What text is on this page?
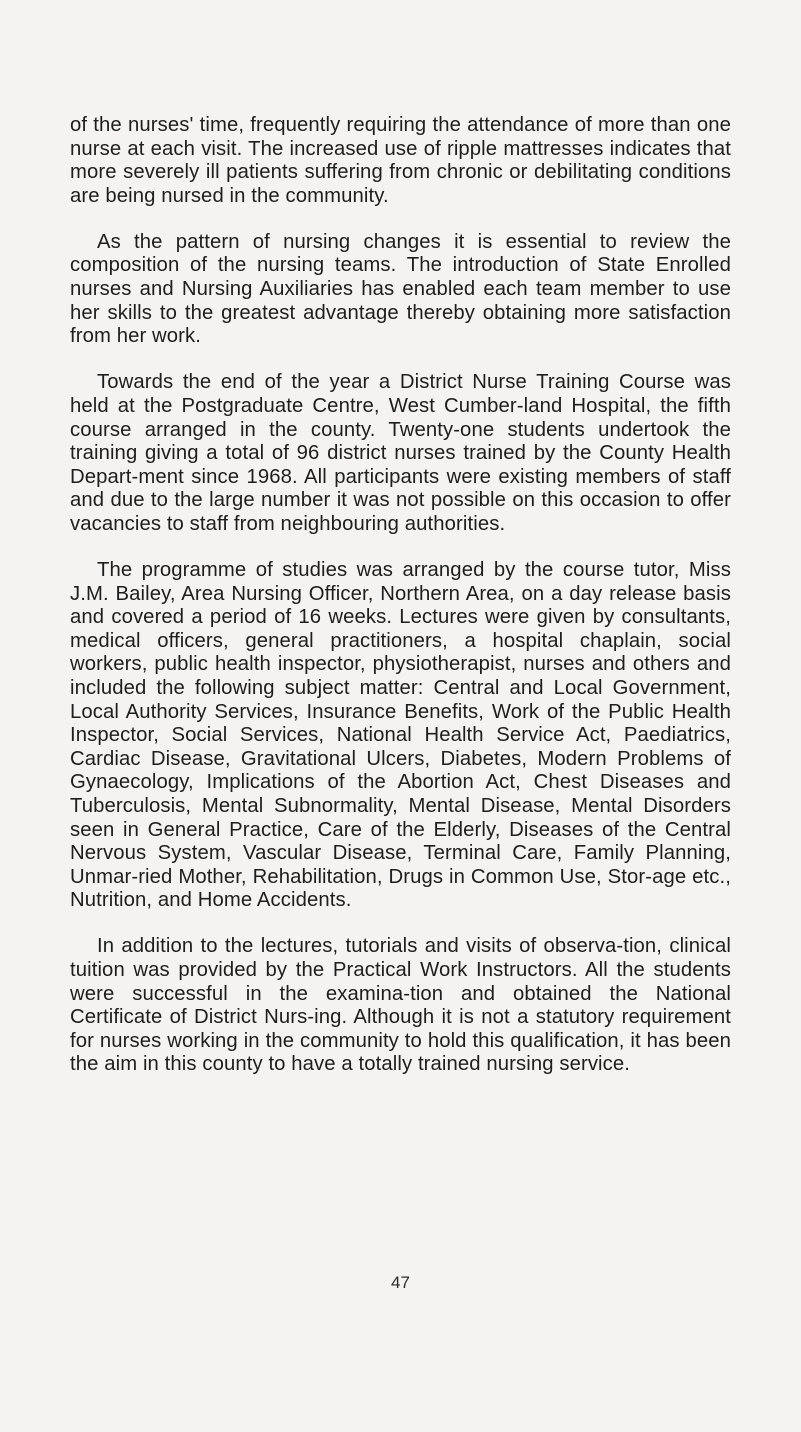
of the nurses' time, frequently requiring the attendance of more than one nurse at each visit. The increased use of ripple mattresses indicates that more severely ill patients suffering from chronic or debilitating conditions are being nursed in the community.

As the pattern of nursing changes it is essential to review the composition of the nursing teams. The introduction of State Enrolled nurses and Nursing Auxiliaries has enabled each team member to use her skills to the greatest advantage thereby obtaining more satisfaction from her work.

Towards the end of the year a District Nurse Training Course was held at the Postgraduate Centre, West Cumber-land Hospital, the fifth course arranged in the county. Twenty-one students undertook the training giving a total of 96 district nurses trained by the County Health Depart-ment since 1968. All participants were existing members of staff and due to the large number it was not possible on this occasion to offer vacancies to staff from neighbouring authorities.

The programme of studies was arranged by the course tutor, Miss J.M. Bailey, Area Nursing Officer, Northern Area, on a day release basis and covered a period of 16 weeks. Lectures were given by consultants, medical officers, general practitioners, a hospital chaplain, social workers, public health inspector, physiotherapist, nurses and others and included the following subject matter: Central and Local Government, Local Authority Services, Insurance Benefits, Work of the Public Health Inspector, Social Services, National Health Service Act, Paediatrics, Cardiac Disease, Gravitational Ulcers, Diabetes, Modern Problems of Gynaecology, Implications of the Abortion Act, Chest Diseases and Tuberculosis, Mental Subnormality, Mental Disease, Mental Disorders seen in General Practice, Care of the Elderly, Diseases of the Central Nervous System, Vascular Disease, Terminal Care, Family Planning, Unmar-ried Mother, Rehabilitation, Drugs in Common Use, Stor-age etc., Nutrition, and Home Accidents.

In addition to the lectures, tutorials and visits of observa-tion, clinical tuition was provided by the Practical Work Instructors. All the students were successful in the examina-tion and obtained the National Certificate of District Nurs-ing. Although it is not a statutory requirement for nurses working in the community to hold this qualification, it has been the aim in this county to have a totally trained nursing service.

47
